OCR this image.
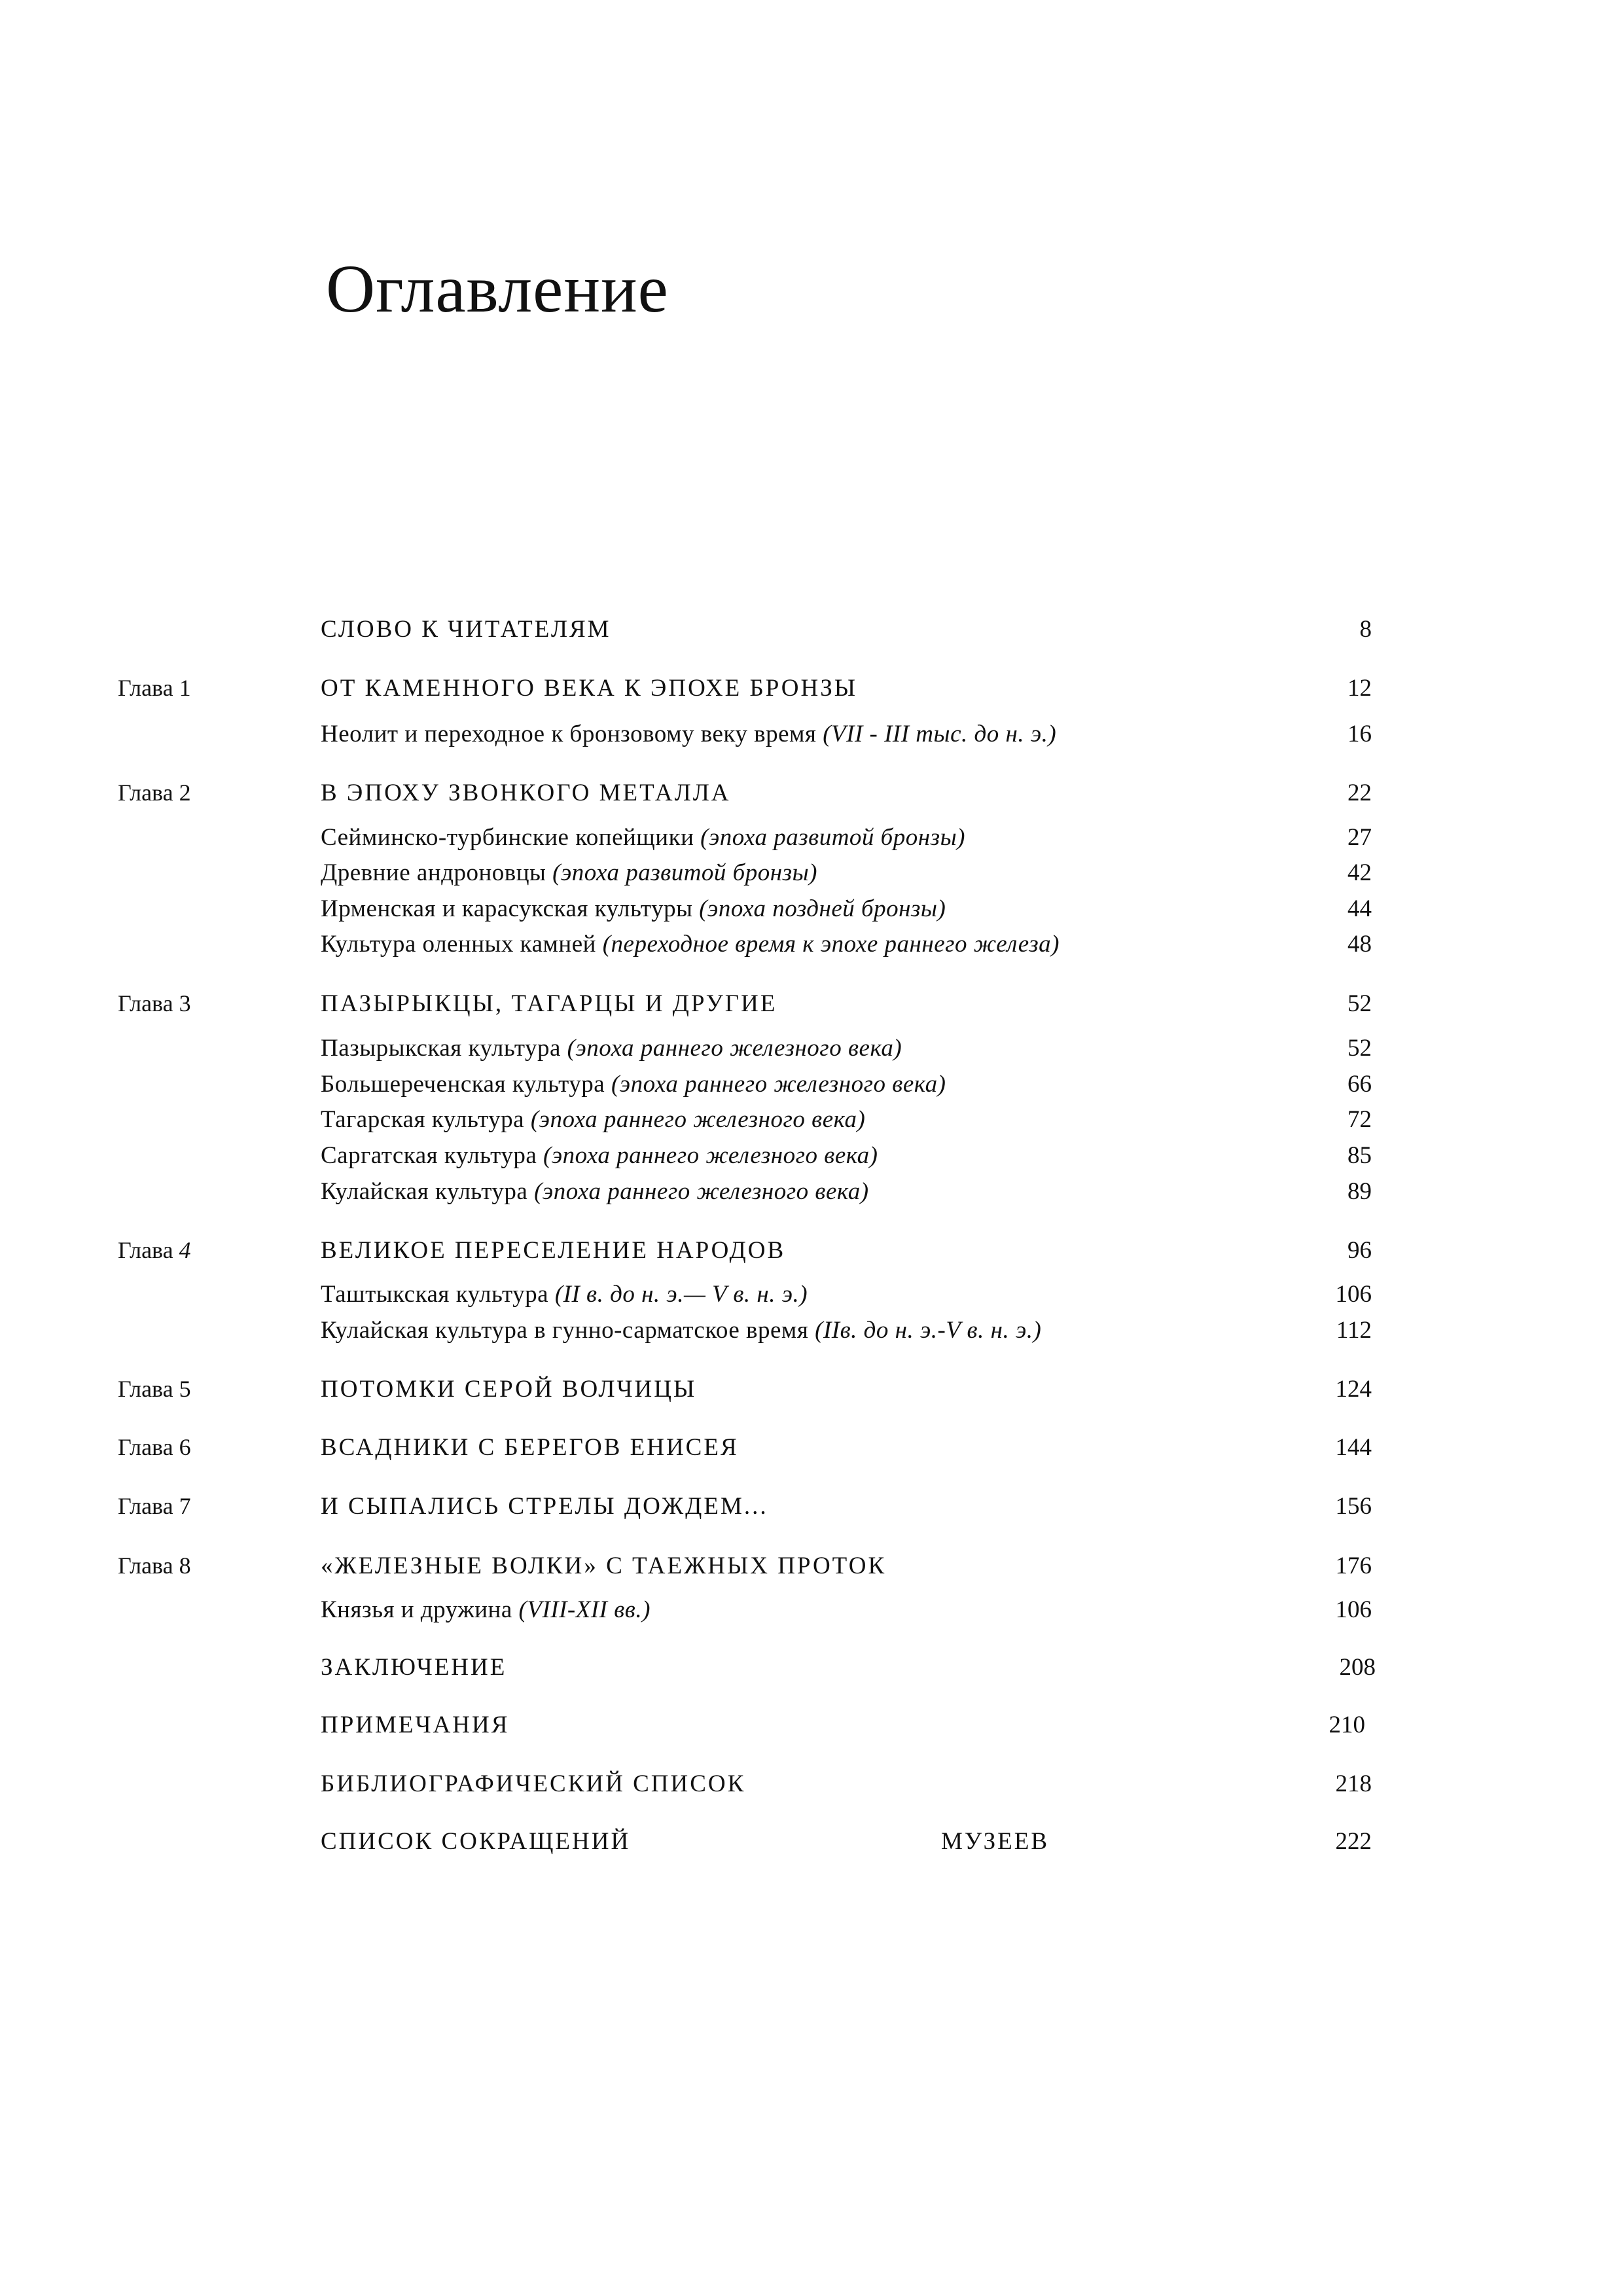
Оглавление
СЛОВО К ЧИТАТЕЛЯМ	8
Глава 1	ОТ КАМЕННОГО ВЕКА К ЭПОХЕ БРОНЗЫ	12
Неолит и переходное к бронзовому веку время (VII - III тыс. до н. э.)	16
Глава 2	В ЭПОХУ ЗВОНКОГО МЕТАЛЛА	22
Сейминско-турбинские копейщики (эпоха развитой бронзы)	27
Древние андроновцы (эпоха развитой бронзы)	42
Ирменская и карасукская культуры (эпоха поздней бронзы)	44
Культура оленных камней (переходное время к эпохе раннего железа)	48
Глава 3	ПАЗЫРЫКЦЫ, ТАГАРЦЫ И ДРУГИЕ	52
Пазырыкская культура (эпоха раннего железного века)	52
Большереченская культура (эпоха раннего железного века)	66
Тагарская культура (эпоха раннего железного века)	72
Саргатская культура (эпоха раннего железного века)	85
Кулайская культура (эпоха раннего железного века)	89
Глава 4	ВЕЛИКОЕ ПЕРЕСЕЛЕНИЕ НАРОДОВ	96
Таштыкская культура (II в. до н. э.— V в. н. э.)	106
Кулайская культура в гунно-сарматское время (IIв. до н. э.-V в. н. э.)	112
Глава 5	ПОТОМКИ СЕРОЙ ВОЛЧИЦЫ	124
Глава 6	ВСАДНИКИ С БЕРЕГОВ ЕНИСЕЯ	144
Глава 7	И СЫПАЛИСЬ СТРЕЛЫ ДОЖДЕМ...	156
Глава 8	«ЖЕЛЕЗНЫЕ ВОЛКИ» С ТАЕЖНЫХ ПРОТОК	176
Князья и дружина (VIII-XII вв.)	106
ЗАКЛЮЧЕНИЕ	208
ПРИМЕЧАНИЯ	210
БИБЛИОГРАФИЧЕСКИЙ СПИСОК	218
СПИСОК СОКРАЩЕНИЙ	МУЗЕЕВ	222
